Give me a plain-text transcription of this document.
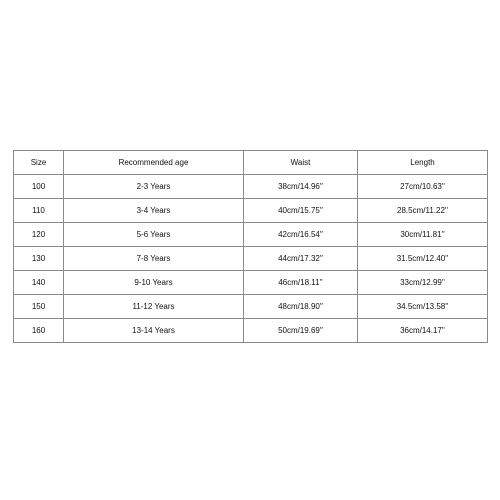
Size	Recommended age	Waist	Length
100	2-3 Years	38cm/14.96''	27cm/10.63''
110	3-4 Years	40cm/15.75''	28.5cm/11.22''
120	5-6 Years	42cm/16.54''	30cm/11.81''
130	7-8 Years	44cm/17.32''	31.5cm/12.40''
140	9-10 Years	46cm/18.11''	33cm/12.99''
150	11-12 Years	48cm/18.90''	34.5cm/13.58''
160	13-14 Years	50cm/19.69''	36cm/14.17''
